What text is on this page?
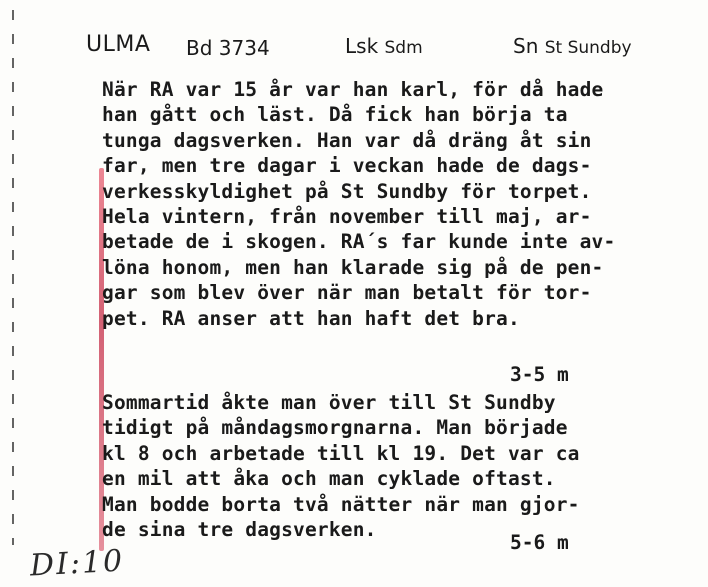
ULMA Bd 3734	Lsk Sdm	Sn St Sundby
När RA var 15 år var han karl, för då hade
han gått och läst. Då fick han börja ta
tunga dagsverken. Han var då dräng åt sin
far, men tre dagar i veckan hade de dags-
verkesskyldighet på St Sundby för torpet.
Hela vintern, från november till maj, ar-
betade de i skogen. RA´s far kunde inte av-
löna honom, men han klarade sig på de pen-
gar som blev över när man betalt för tor-
pet. RA anser att han haft det bra.
3-5 m
Sommartid åkte man över till St Sundby
tidigt på måndagsmorgnarna. Man började
kl 8 och arbetade till kl 19. Det var ca
en mil att åka och man cyklade oftast.
Man bodde borta två nätter när man gjor-
de sina tre dagsverken.
5-6 m
DI:10
